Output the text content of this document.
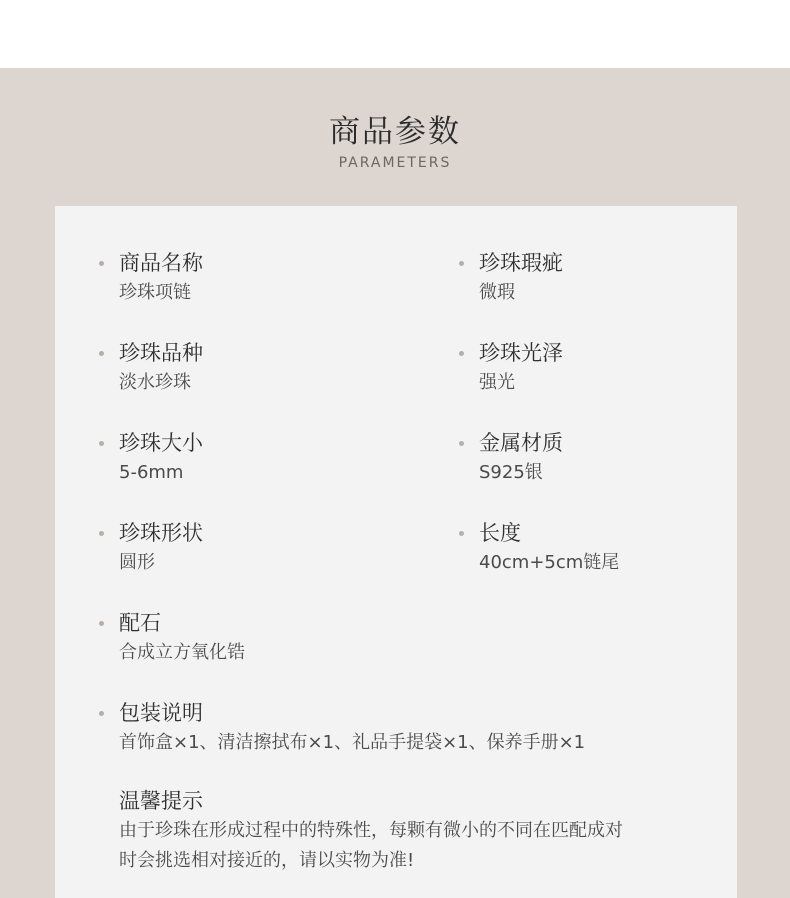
商品参数
PARAMETERS
商品名称
珍珠项链
珍珠瑕疵
微瑕
珍珠品种
淡水珍珠
珍珠光泽
强光
珍珠大小
5-6mm
金属材质
S925银
珍珠形状
圆形
长度
40cm+5cm链尾
配石
合成立方氧化锆
包装说明
首饰盒×1、清洁擦拭布×1、礼品手提袋×1、保养手册×1
温馨提示
由于珍珠在形成过程中的特殊性，每颗有微小的不同在匹配成对
时会挑选相对接近的，请以实物为准!
